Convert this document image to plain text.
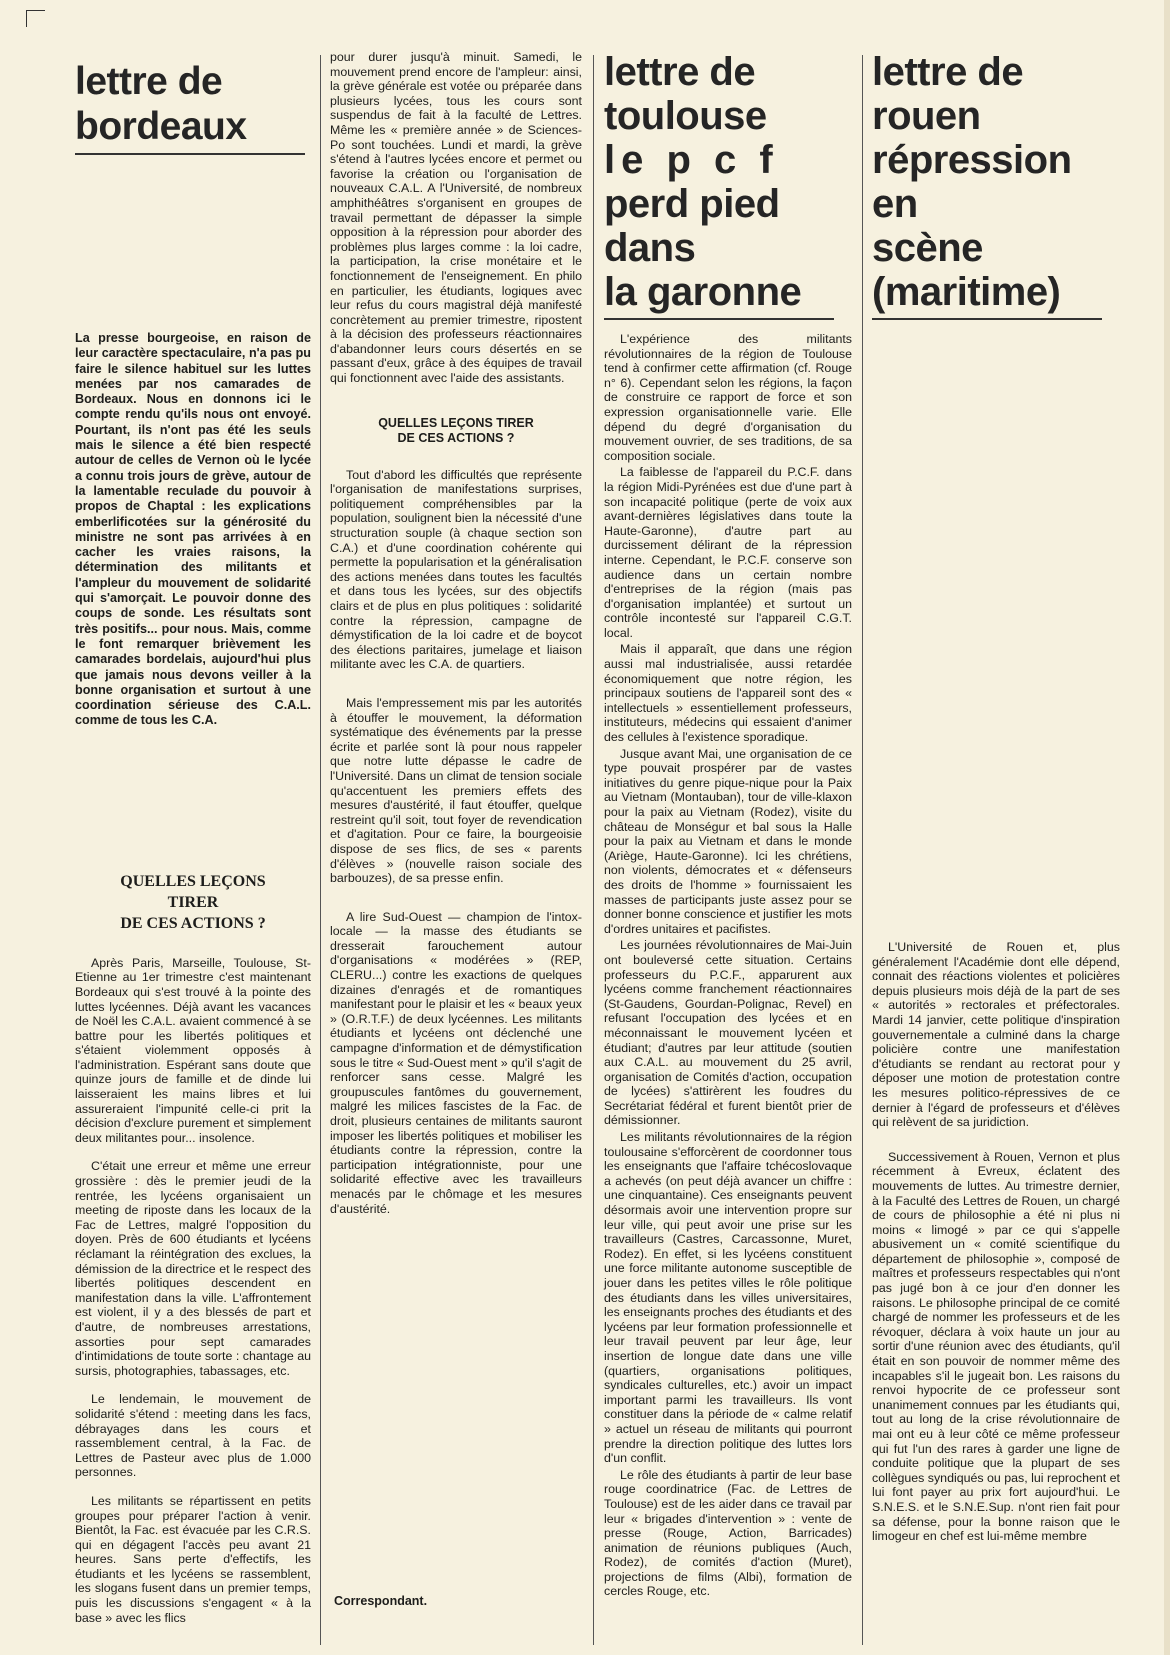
lettre de
bordeaux

La presse bourgeoise, en raison de leur caractère spectaculaire, n'a pas pu faire le silence habituel sur les luttes menées par nos camarades de Bordeaux. Nous en donnons ici le compte rendu qu'ils nous ont envoyé. Pourtant, ils n'ont pas été les seuls mais le silence a été bien respecté autour de celles de Vernon où le lycée a connu trois jours de grève, autour de la lamentable reculade du pouvoir à propos de Chaptal : les explications emberlificotées sur la générosité du ministre ne sont pas arrivées à en cacher les vraies raisons, la détermination des militants et l'ampleur du mouvement de solidarité qui s'amorçait. Le pouvoir donne des coups de sonde. Les résultats sont très positifs... pour nous. Mais, comme le font remarquer brièvement les camarades bordelais, aujourd'hui plus que jamais nous devons veiller à la bonne organisation et surtout à une coordination sérieuse des C.A.L. comme de tous les C.A.

QUELLES LEÇONS

TIRER

DE CES ACTIONS ?

Après Paris, Marseille, Toulouse, St-Etienne au 1er trimestre c'est maintenant Bordeaux qui s'est trouvé à la pointe des luttes lycéennes. Déjà avant les vacances de Noël les C.A.L. avaient commencé à se battre pour les libertés politiques et s'étaient violemment opposés à l'administration. Espérant sans doute que quinze jours de famille et de dinde lui laisseraient les mains libres et lui assureraient l'impunité celle-ci prit la décision d'exclure purement et simplement deux militantes pour... insolence.

C'était une erreur et même une erreur grossière : dès le premier jeudi de la rentrée, les lycéens organisaient un meeting de riposte dans les locaux de la Fac de Lettres, malgré l'opposition du doyen. Près de 600 étudiants et lycéens réclamant la réintégration des exclues, la démission de la directrice et le respect des libertés politiques descendent en manifestation dans la ville. L'affrontement est violent, il y a des blessés de part et d'autre, de nombreuses arrestations, assorties pour sept camarades d'intimidations de toute sorte : chantage au sursis, photographies, tabassages, etc.

Le lendemain, le mouvement de solidarité s'étend : meeting dans les facs, débrayages dans les cours et rassemblement central, à la Fac. de Lettres de Pasteur avec plus de 1.000 personnes.

Les militants se répartissent en petits groupes pour préparer l'action à venir. Bientôt, la Fac. est évacuée par les C.R.S. qui en dégagent l'accès peu avant 21 heures. Sans perte d'effectifs, les étudiants et les lycéens se rassemblent, les slogans fusent dans un premier temps, puis les discussions s'engagent « à la base » avec les flics

pour durer jusqu'à minuit. Samedi, le mouvement prend encore de l'ampleur: ainsi, la grève générale est votée ou préparée dans plusieurs lycées, tous les cours sont suspendus de fait à la faculté de Lettres. Même les « première année » de Sciences-Po sont touchées. Lundi et mardi, la grève s'étend à l'autres lycées encore et permet ou favorise la création ou l'organisation de nouveaux C.A.L. A l'Université, de nombreux amphithéâtres s'organisent en groupes de travail permettant de dépasser la simple opposition à la répression pour aborder des problèmes plus larges comme : la loi cadre, la participation, la crise monétaire et le fonctionnement de l'enseignement. En philo en particulier, les étudiants, logiques avec leur refus du cours magistral déjà manifesté concrètement au premier trimestre, ripostent à la décision des professeurs réactionnaires d'abandonner leurs cours désertés en se passant d'eux, grâce à des équipes de travail qui fonctionnent avec l'aide des assistants.

QUELLES LEÇONS TIRER

DE CES ACTIONS ?

Tout d'abord les difficultés que représente l'organisation de manifestations surprises, politiquement compréhensibles par la population, soulignent bien la nécessité d'une structuration souple (à chaque section son C.A.) et d'une coordination cohérente qui permette la popularisation et la généralisation des actions menées dans toutes les facultés et dans tous les lycées, sur des objectifs clairs et de plus en plus politiques : solidarité contre la répression, campagne de démystification de la loi cadre et de boycot des élections paritaires, jumelage et liaison militante avec les C.A. de quartiers.

Mais l'empressement mis par les autorités à étouffer le mouvement, la déformation systématique des événements par la presse écrite et parlée sont là pour nous rappeler que notre lutte dépasse le cadre de l'Université. Dans un climat de tension sociale qu'accentuent les premiers effets des mesures d'austérité, il faut étouffer, quelque restreint qu'il soit, tout foyer de revendication et d'agitation. Pour ce faire, la bourgeoisie dispose de ses flics, de ses « parents d'élèves » (nouvelle raison sociale des barbouzes), de sa presse enfin.

A lire Sud-Ouest — champion de l'intox-locale — la masse des étudiants se dresserait farouchement autour d'organisations « modérées » (REP, CLERU...) contre les exactions de quelques dizaines d'enragés et de romantiques manifestant pour le plaisir et les « beaux yeux » (O.R.T.F.) de deux lycéennes. Les militants étudiants et lycéens ont déclenché une campagne d'information et de démystification sous le titre « Sud-Ouest ment » qu'il s'agit de renforcer sans cesse. Malgré les groupuscules fantômes du gouvernement, malgré les milices fascistes de la Fac. de droit, plusieurs centaines de militants sauront imposer les libertés politiques et mobiliser les étudiants contre la répression, contre la participation intégrationniste, pour une solidarité effective avec les travailleurs menacés par le chômage et les mesures d'austérité.

Correspondant.
lettre de
toulouse
le p c f
perd pied
dans
la garonne

L'expérience des militants révolutionnaires de la région de Toulouse tend à confirmer cette affirmation (cf. Rouge n° 6). Cependant selon les régions, la façon de construire ce rapport de force et son expression organisationnelle varie. Elle dépend du degré d'organisation du mouvement ouvrier, de ses traditions, de sa composition sociale.

La faiblesse de l'appareil du P.C.F. dans la région Midi-Pyrénées est due d'une part à son incapacité politique (perte de voix aux avant-dernières législatives dans toute la Haute-Garonne), d'autre part au durcissement délirant de la répression interne. Cependant, le P.C.F. conserve son audience dans un certain nombre d'entreprises de la région (mais pas d'organisation implantée) et surtout un contrôle incontesté sur l'appareil C.G.T. local.

Mais il apparaît, que dans une région aussi mal industrialisée, aussi retardée économiquement que notre région, les principaux soutiens de l'appareil sont des « intellectuels » essentiellement professeurs, instituteurs, médecins qui essaient d'animer des cellules à l'existence sporadique.

Jusque avant Mai, une organisation de ce type pouvait prospérer par de vastes initiatives du genre pique-nique pour la Paix au Vietnam (Montauban), tour de ville-klaxon pour la paix au Vietnam (Rodez), visite du château de Monségur et bal sous la Halle pour la paix au Vietnam et dans le monde (Ariège, Haute-Garonne). Ici les chrétiens, non violents, démocrates et « défenseurs des droits de l'homme » fournissaient les masses de participants juste assez pour se donner bonne conscience et justifier les mots d'ordres unitaires et pacifistes.

Les journées révolutionnaires de Mai-Juin ont bouleversé cette situation. Certains professeurs du P.C.F., apparurent aux lycéens comme franchement réactionnaires (St-Gaudens, Gourdan-Polignac, Revel) en refusant l'occupation des lycées et en méconnaissant le mouvement lycéen et étudiant; d'autres par leur attitude (soutien aux C.A.L. au mouvement du 25 avril, organisation de Comités d'action, occupation de lycées) s'attirèrent les foudres du Secrétariat fédéral et furent bientôt prier de démissionner.

Les militants révolutionnaires de la région toulousaine s'efforcèrent de coordonner tous les enseignants que l'affaire tchécoslovaque a achevés (on peut déjà avancer un chiffre : une cinquantaine). Ces enseignants peuvent désormais avoir une intervention propre sur leur ville, qui peut avoir une prise sur les travailleurs (Castres, Carcassonne, Muret, Rodez). En effet, si les lycéens constituent une force militante autonome susceptible de jouer dans les petites villes le rôle politique des étudiants dans les villes universitaires, les enseignants proches des étudiants et des lycéens par leur formation professionnelle et leur travail peuvent par leur âge, leur insertion de longue date dans une ville (quartiers, organisations politiques, syndicales culturelles, etc.) avoir un impact important parmi les travailleurs. Ils vont constituer dans la période de « calme relatif » actuel un réseau de militants qui pourront prendre la direction politique des luttes lors d'un conflit.

Le rôle des étudiants à partir de leur base rouge coordinatrice (Fac. de Lettres de Toulouse) est de les aider dans ce travail par leur « brigades d'intervention » : vente de presse (Rouge, Action, Barricades) animation de réunions publiques (Auch, Rodez), de comités d'action (Muret), projections de films (Albi), formation de cercles Rouge, etc.

lettre de
rouen
répression
en
scène
(maritime)

L'Université de Rouen et, plus généralement l'Académie dont elle dépend, connait des réactions violentes et policières depuis plusieurs mois déjà de la part de ses « autorités » rectorales et préfectorales. Mardi 14 janvier, cette politique d'inspiration gouvernementale a culminé dans la charge policière contre une manifestation d'étudiants se rendant au rectorat pour y déposer une motion de protestation contre les mesures politico-répressives de ce dernier à l'égard de professeurs et d'élèves qui relèvent de sa juridiction.

Successivement à Rouen, Vernon et plus récemment à Evreux, éclatent des mouvements de luttes. Au trimestre dernier, à la Faculté des Lettres de Rouen, un chargé de cours de philosophie a été ni plus ni moins « limogé » par ce qui s'appelle abusivement un « comité scientifique du département de philosophie », composé de maîtres et professeurs respectables qui n'ont pas jugé bon à ce jour d'en donner les raisons. Le philosophe principal de ce comité chargé de nommer les professeurs et de les révoquer, déclara à voix haute un jour au sortir d'une réunion avec des étudiants, qu'il était en son pouvoir de nommer même des incapables s'il le jugeait bon. Les raisons du renvoi hypocrite de ce professeur sont unanimement connues par les étudiants qui, tout au long de la crise révolutionnaire de mai ont eu à leur côté ce même professeur qui fut l'un des rares à garder une ligne de conduite politique que la plupart de ses collègues syndiqués ou pas, lui reprochent et lui font payer au prix fort aujourd'hui. Le S.N.E.S. et le S.N.E.Sup. n'ont rien fait pour sa défense, pour la bonne raison que le limogeur en chef est lui-même membre
